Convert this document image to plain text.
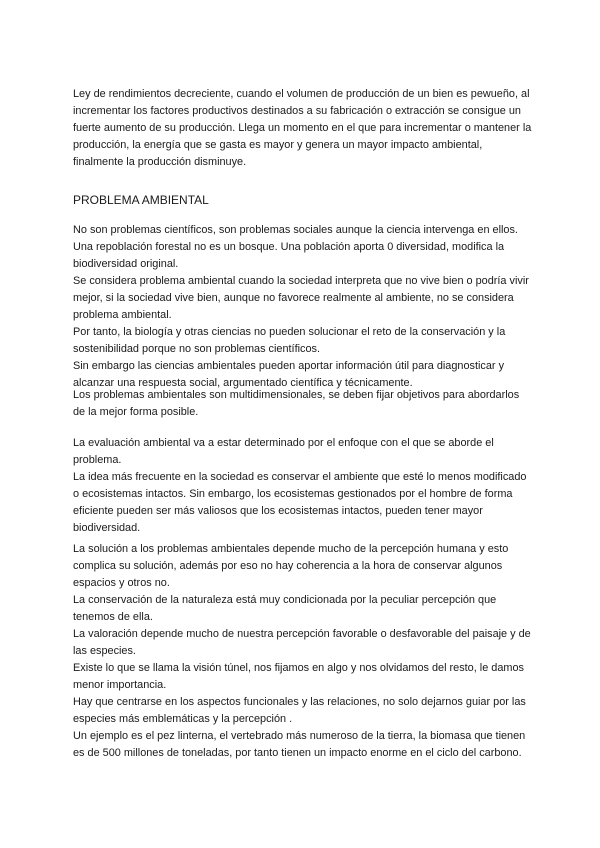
Ley de rendimientos decreciente, cuando el volumen de producción de un bien es pewueño, al incrementar los factores productivos destinados a su fabricación o extracción se consigue un fuerte aumento de su producción. Llega un momento en el que para incrementar o mantener la producción, la energía que se gasta es mayor y genera un mayor impacto ambiental, finalmente la producción disminuye.

PROBLEMA AMBIENTAL

No son problemas científicos, son problemas sociales aunque la ciencia intervenga en ellos.

Una repoblación forestal no es un bosque. Una población aporta 0 diversidad, modifica la biodiversidad original.

Se considera problema ambiental cuando la sociedad interpreta que no vive bien o podría vivir mejor, si la sociedad vive bien, aunque no favorece realmente al ambiente, no se considera problema ambiental.

Por tanto, la biología y otras ciencias no pueden solucionar el reto de la conservación y la sostenibilidad porque no son problemas científicos.

Sin embargo las ciencias ambientales pueden aportar información útil para diagnosticar y alcanzar una respuesta social, argumentado científica y técnicamente.

Los problemas ambientales son multidimensionales, se deben fijar objetivos para abordarlos de la mejor forma posible.

La evaluación ambiental va a estar determinado por el enfoque con el que se aborde el problema.

La idea más frecuente en la sociedad es conservar el ambiente que esté lo menos modificado o ecosistemas intactos. Sin embargo, los ecosistemas gestionados por el hombre de forma eficiente pueden ser más valiosos que los ecosistemas intactos, pueden tener mayor biodiversidad.

La solución a los problemas ambientales depende mucho de la percepción humana y esto complica su solución, además por eso no hay coherencia a la hora de conservar algunos espacios y otros no.

La conservación de la naturaleza está muy condicionada por la peculiar percepción que tenemos de ella.

La valoración depende mucho de nuestra percepción favorable o desfavorable del paisaje y de las especies.

Existe lo que se llama la visión túnel, nos fijamos en algo y nos olvidamos del resto, le damos menor importancia.

Hay que centrarse en los aspectos funcionales y las relaciones, no solo dejarnos guiar por las especies más emblemáticas y la percepción .

Un ejemplo es el pez linterna, el vertebrado más numeroso de la tierra, la biomasa que tienen es de 500 millones de toneladas, por tanto tienen un impacto enorme en el ciclo del carbono.
